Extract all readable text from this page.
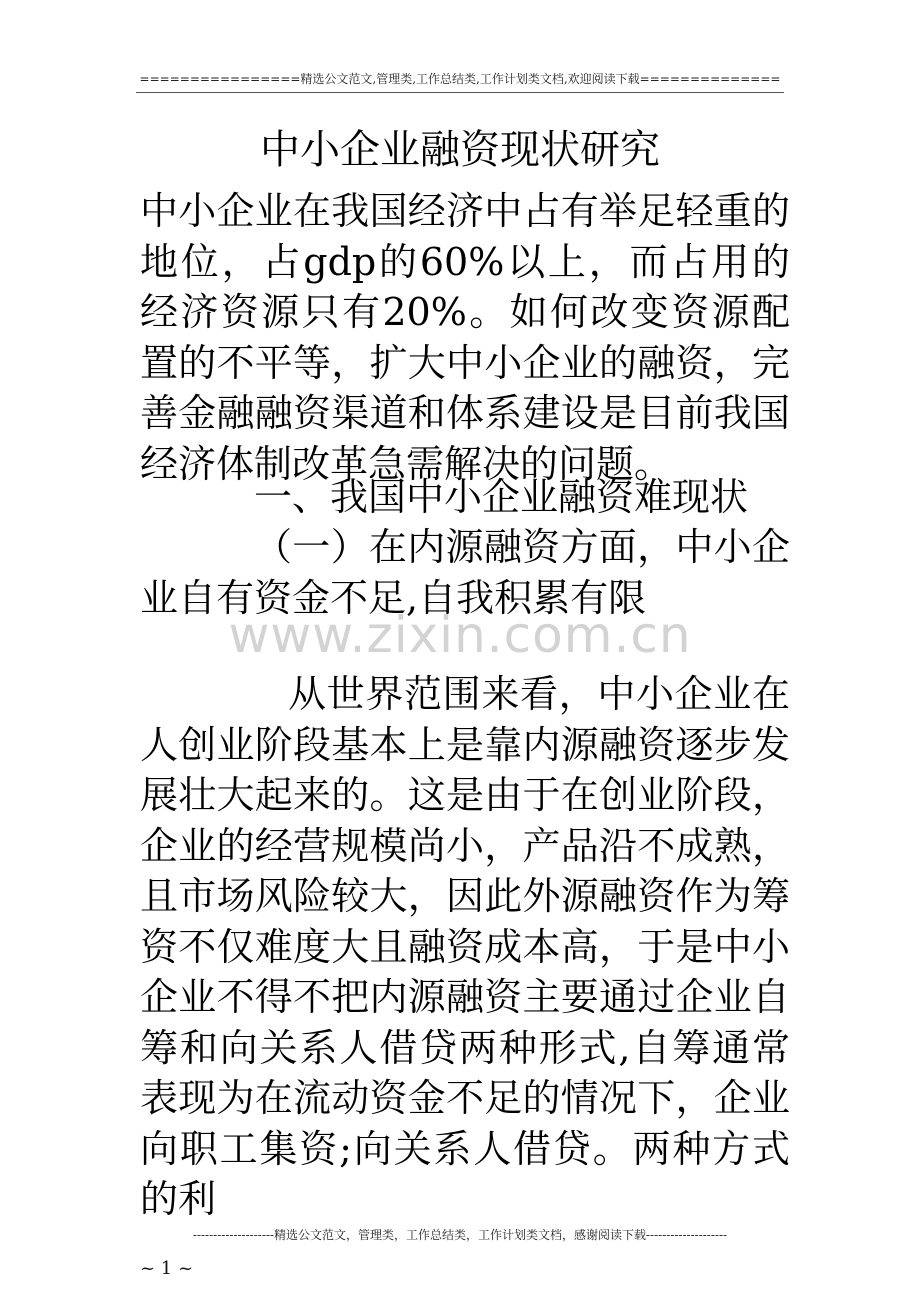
================精选公文范文,管理类,工作总结类,工作计划类文档,欢迎阅读下载==============
中小企业融资现状研究
中小企业在我国经济中占有举足轻重的地位，占gdp的60%以上，而占用的经济资源只有20%。如何改变资源配置的不平等，扩大中小企业的融资，完善金融融资渠道和体系建设是目前我国经济体制改革急需解决的问题。
一、我国中小企业融资难现状
（一）在内源融资方面，中小企业自有资金不足,自我积累有限
www.zixin.com.cn
从世界范围来看，中小企业在人创业阶段基本上是靠内源融资逐步发展壮大起来的。这是由于在创业阶段，企业的经营规模尚小，产品沿不成熟，且市场风险较大，因此外源融资作为筹资不仅难度大且融资成本高，于是中小企业不得不把内源融资主要通过企业自筹和向关系人借贷两种形式,自筹通常表现为在流动资金不足的情况下，企业向职工集资;向关系人借贷。两种方式的利
--------------------精选公文范文，管理类，工作总结类，工作计划类文档，感谢阅读下载--------------------
~ 1 ~
